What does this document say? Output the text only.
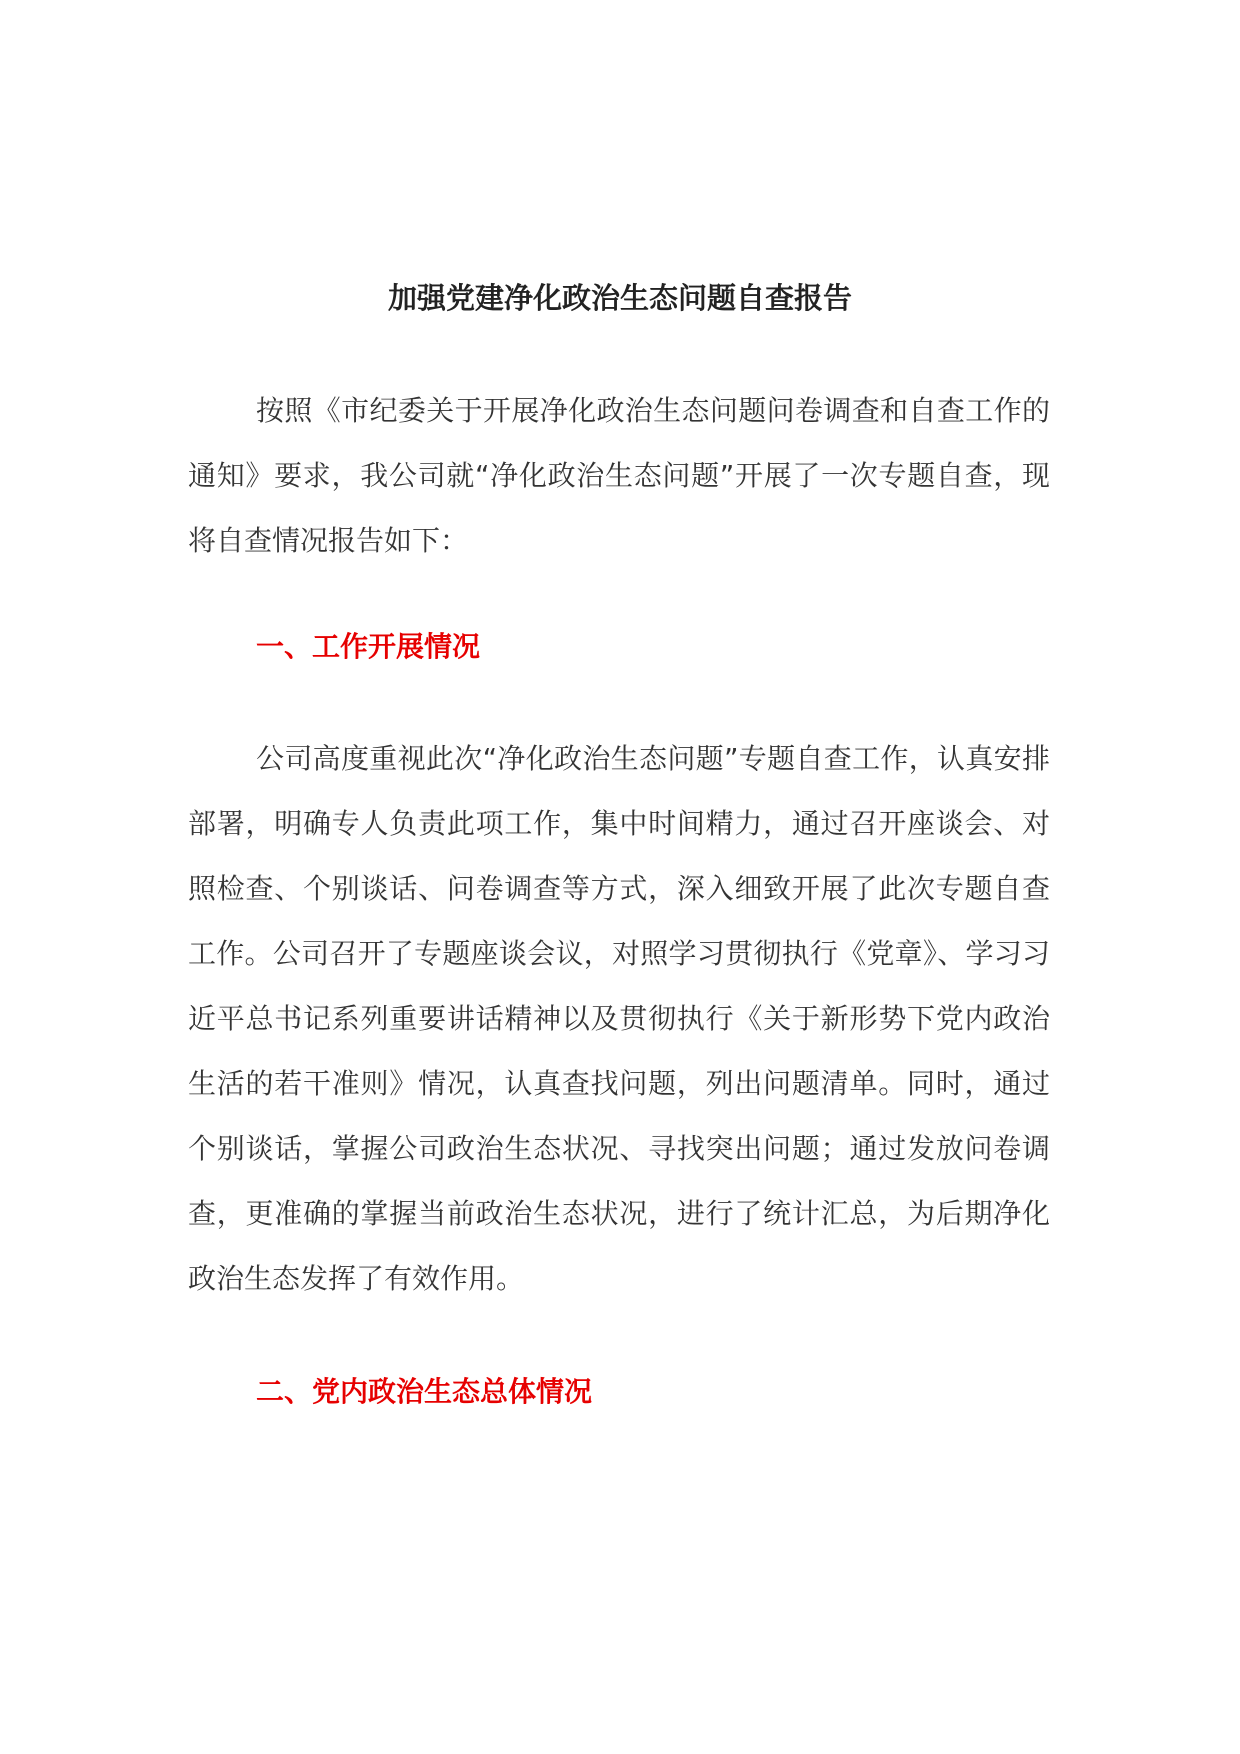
加强党建净化政治生态问题自查报告

按照《市纪委关于开展净化政治生态问题问卷调查和自查工作的通知》要求，我公司就“净化政治生态问题”开展了一次专题自查，现将自查情况报告如下：

一、工作开展情况

公司高度重视此次“净化政治生态问题”专题自查工作，认真安排部署，明确专人负责此项工作，集中时间精力，通过召开座谈会、对照检查、个别谈话、问卷调查等方式，深入细致开展了此次专题自查工作。公司召开了专题座谈会议，对照学习贯彻执行《党章》、学习习近平总书记系列重要讲话精神以及贯彻执行《关于新形势下党内政治生活的若干准则》情况，认真查找问题，列出问题清单。同时，通过个别谈话，掌握公司政治生态状况、寻找突出问题；通过发放问卷调查，更准确的掌握当前政治生态状况，进行了统计汇总，为后期净化政治生态发挥了有效作用。

二、党内政治生态总体情况
